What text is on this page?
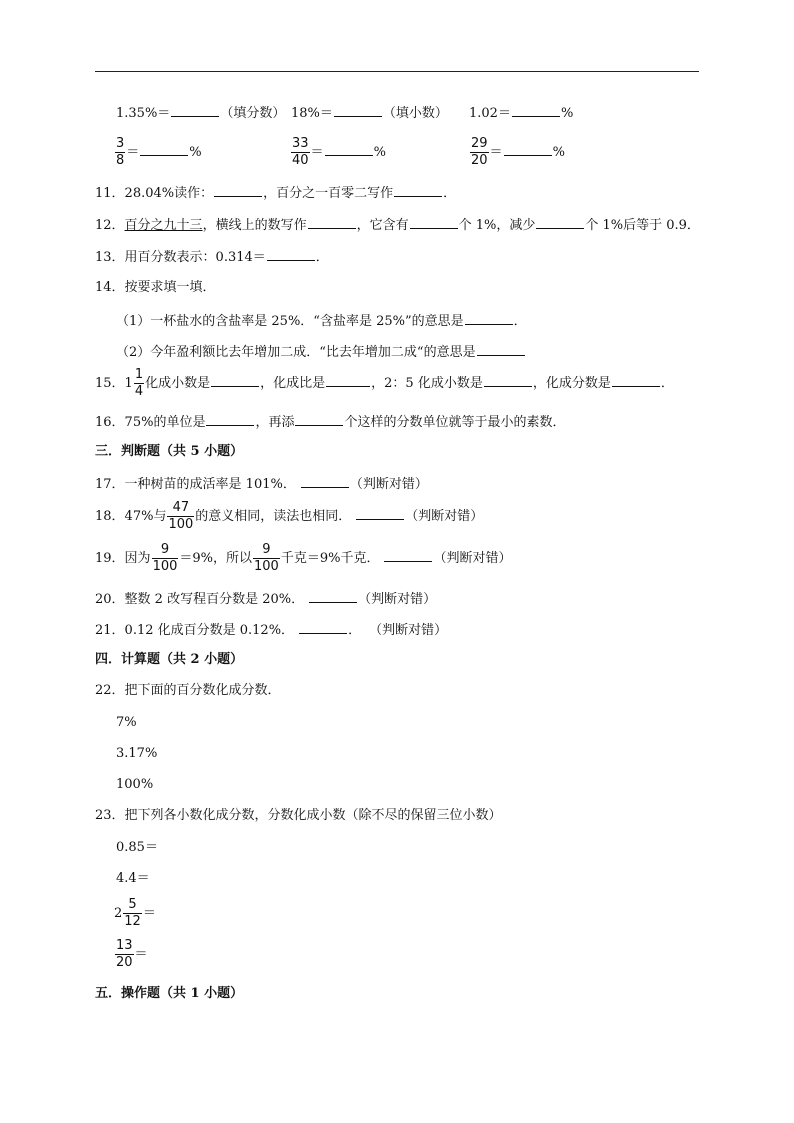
1.35%＝	（填分数） 18%＝	（填小数） 1.02＝	%
$\frac{3}{8}$ ＝	%	$\frac{33}{40}$ ＝	%	$\frac{29}{20}$ ＝	%
11．28.04%读作：	，百分之一百零二写作	．
12．百分之九十三，横线上的数写作	，它含有	个 1%，减少	个 1%后等于 0.9．
13．用百分数表示：0.314＝	．
14．按要求填一填．
（1）一杯盐水的含盐率是 25%．“含盐率是 25%”的意思是	．
（2）今年盈利额比去年增加二成．“比去年增加二成“的意思是
15．$1 \frac{1}{4}$ 化成小数是	，化成比是	，2：5 化成小数是	，化成分数是	．
16．75%的单位是	，再添	个这样的分数单位就等于最小的素数．
三．判断题（共 5 小题）
17．一种树苗的成活率是 101%．	（判断对错）
18．47%与 $\frac{47}{100}$ 的意义相同，读法也相同．	（判断对错）
19．因为 $\frac{9}{100} =9\%$，所以 $\frac{9}{100}$ 千克＝9%千克．	（判断对错）
20．整数 2 改写程百分数是 20%．	（判断对错）
21．0.12 化成百分数是 0.12%．	． （判断对错）
四．计算题（共 2 小题）
22．把下面的百分数化成分数．
7%
3.17%
100%
23．把下列各小数化成分数，分数化成小数（除不尽的保留三位小数）
0.85＝
4.4＝
$2 \frac{5}{12}$ ＝
$\frac{13}{20}$ ＝
五．操作题（共 1 小题）
